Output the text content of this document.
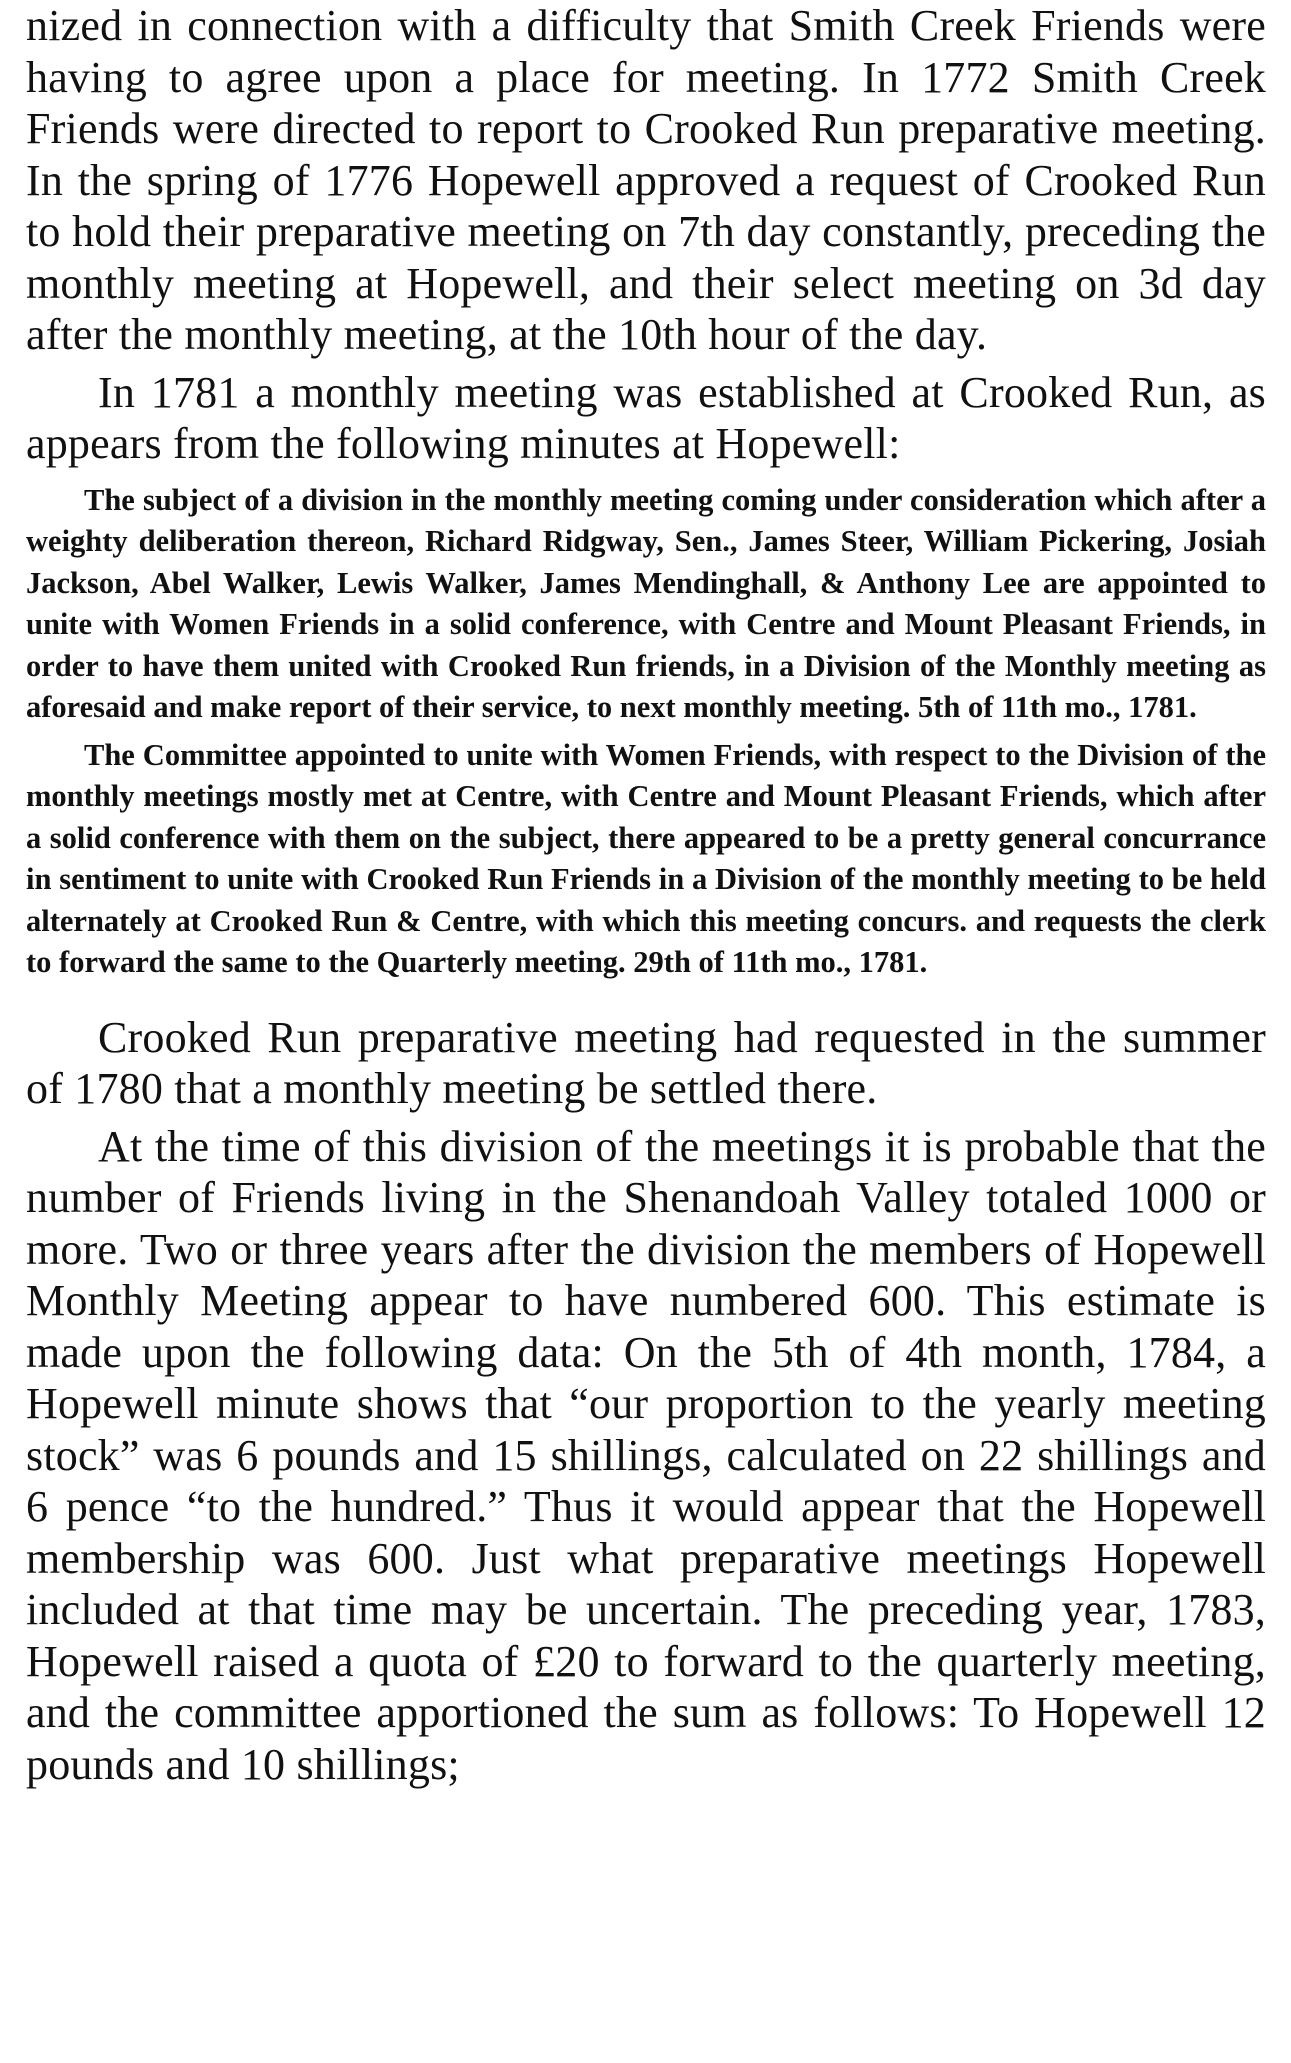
nized in connection with a difficulty that Smith Creek Friends were having to agree upon a place for meeting. In 1772 Smith Creek Friends were directed to report to Crooked Run preparative meeting. In the spring of 1776 Hopewell approved a request of Crooked Run to hold their preparative meeting on 7th day constantly, preceding the monthly meeting at Hopewell, and their select meeting on 3d day after the monthly meeting, at the 10th hour of the day.

In 1781 a monthly meeting was established at Crooked Run, as appears from the following minutes at Hopewell:

The subject of a division in the monthly meeting coming under consideration which after a weighty deliberation thereon, Richard Ridgway, Sen., James Steer, William Pickering, Josiah Jackson, Abel Walker, Lewis Walker, James Mendinghall, & Anthony Lee are appointed to unite with Women Friends in a solid conference, with Centre and Mount Pleasant Friends, in order to have them united with Crooked Run friends, in a Division of the Monthly meeting as aforesaid and make report of their service, to next monthly meeting. 5th of 11th mo., 1781.

The Committee appointed to unite with Women Friends, with respect to the Division of the monthly meetings mostly met at Centre, with Centre and Mount Pleasant Friends, which after a solid conference with them on the subject, there appeared to be a pretty general concurrance in sentiment to unite with Crooked Run Friends in a Division of the monthly meeting to be held alternately at Crooked Run & Centre, with which this meeting concurs. and requests the clerk to forward the same to the Quarterly meeting. 29th of 11th mo., 1781.

Crooked Run preparative meeting had requested in the summer of 1780 that a monthly meeting be settled there.

At the time of this division of the meetings it is probable that the number of Friends living in the Shenandoah Valley totaled 1000 or more. Two or three years after the division the members of Hopewell Monthly Meeting appear to have numbered 600. This estimate is made upon the following data: On the 5th of 4th month, 1784, a Hopewell minute shows that “our proportion to the yearly meeting stock” was 6 pounds and 15 shillings, calculated on 22 shillings and 6 pence “to the hundred.” Thus it would appear that the Hopewell membership was 600. Just what preparative meetings Hopewell included at that time may be uncertain. The preceding year, 1783, Hopewell raised a quota of £20 to forward to the quarterly meeting, and the committee apportioned the sum as follows: To Hopewell 12 pounds and 10 shillings;
